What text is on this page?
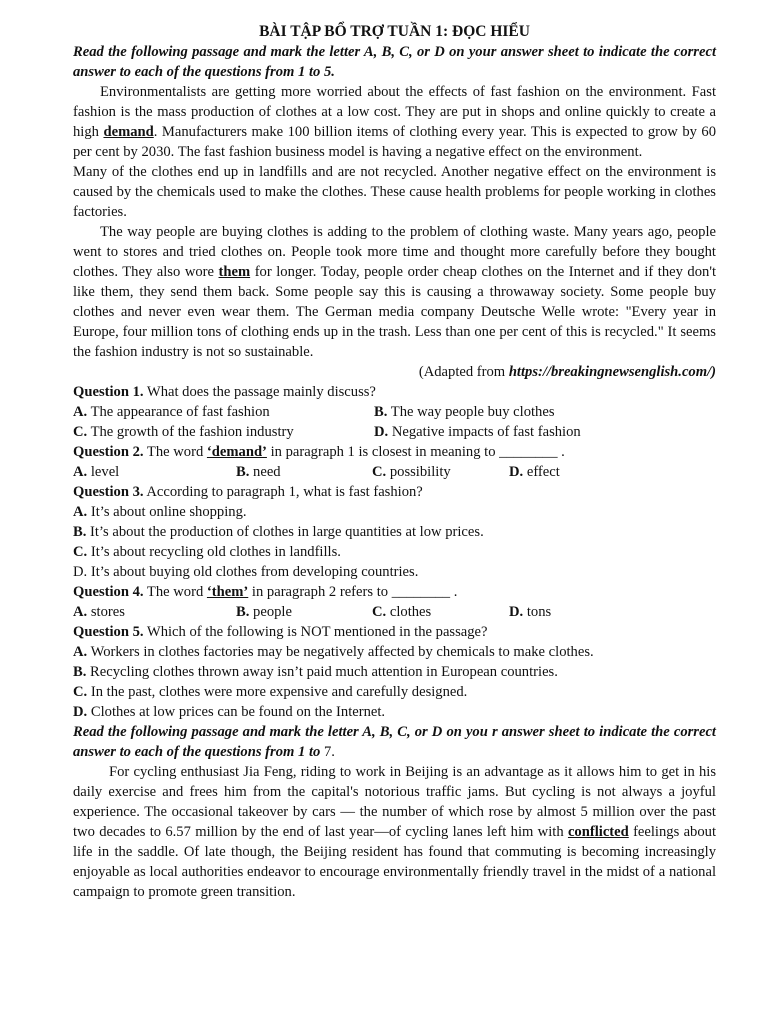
BÀI TẬP BỔ TRỢ TUẦN 1: ĐỌC HIỂU

Read the following passage and mark the letter A, B, C, or D on your answer sheet to indicate the correct answer to each of the questions from 1 to 5.

Environmentalists are getting more worried about the effects of fast fashion on the environment. Fast fashion is the mass production of clothes at a low cost. They are put in shops and online quickly to create a high demand. Manufacturers make 100 billion items of clothing every year. This is expected to grow by 60 per cent by 2030. The fast fashion business model is having a negative effect on the environment.

Many of the clothes end up in landfills and are not recycled. Another negative effect on the environment is caused by the chemicals used to make the clothes. These cause health problems for people working in clothes factories.

The way people are buying clothes is adding to the problem of clothing waste. Many years ago, people went to stores and tried clothes on. People took more time and thought more carefully before they bought clothes. They also wore them for longer. Today, people order cheap clothes on the Internet and if they don't like them, they send them back. Some people say this is causing a throwaway society. Some people buy clothes and never even wear them. The German media company Deutsche Welle wrote: "Every year in Europe, four million tons of clothing ends up in the trash. Less than one per cent of this is recycled." It seems the fashion industry is not so sustainable.

(Adapted from https://breakingnewsenglish.com/)

Question 1. What does the passage mainly discuss?

A. The appearance of fast fashion	B. The way people buy clothes
C. The growth of the fashion industry	D. Negative impacts of fast fashion

Question 2. The word ‘demand’ in paragraph 1 is closest in meaning to ________ .

A. level	B. need	C. possibility	D. effect

Question 3. According to paragraph 1, what is fast fashion?

A. It’s about online shopping.

B. It’s about the production of clothes in large quantities at low prices.

C. It’s about recycling old clothes in landfills.

D. It’s about buying old clothes from developing countries.

Question 4. The word ‘them’ in paragraph 2 refers to ________ .

A. stores	B. people	C. clothes	D. tons

Question 5. Which of the following is NOT mentioned in the passage?

A. Workers in clothes factories may be negatively affected by chemicals to make clothes.

B. Recycling clothes thrown away isn’t paid much attention in European countries.

C. In the past, clothes were more expensive and carefully designed.

D. Clothes at low prices can be found on the Internet.

Read the following passage and mark the letter A, B, C, or D on you r answer sheet to indicate the correct answer to each of the questions from 1 to 7.

For cycling enthusiast Jia Feng, riding to work in Beijing is an advantage as it allows him to get in his daily exercise and frees him from the capital's notorious traffic jams. But cycling is not always a joyful experience. The occasional takeover by cars — the number of which rose by almost 5 million over the past two decades to 6.57 million by the end of last year—of cycling lanes left him with conflicted feelings about life in the saddle. Of late though, the Beijing resident has found that commuting is becoming increasingly enjoyable as local authorities endeavor to encourage environmentally friendly travel in the midst of a national campaign to promote green transition.
